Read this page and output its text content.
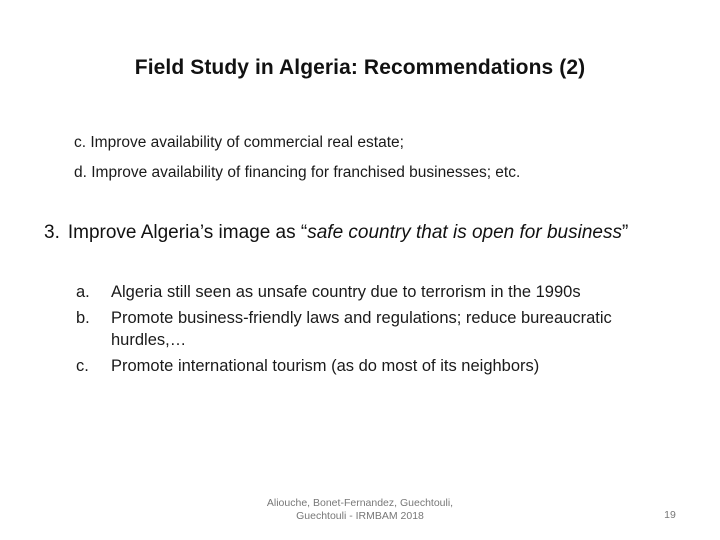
Field Study in Algeria: Recommendations (2)
c. Improve availability of commercial real estate;
d. Improve availability of financing for franchised businesses; etc.
3. Improve Algeria’s image as “safe country that is open for business”
a.	Algeria still seen as unsafe country due to terrorism in the 1990s
b.	Promote business-friendly laws and regulations; reduce bureaucratic hurdles,…
c.	Promote international tourism (as do most of its neighbors)
Aliouche, Bonet-Fernandez, Guechtouli,
Guechtouli - IRMBAM 2018	19
